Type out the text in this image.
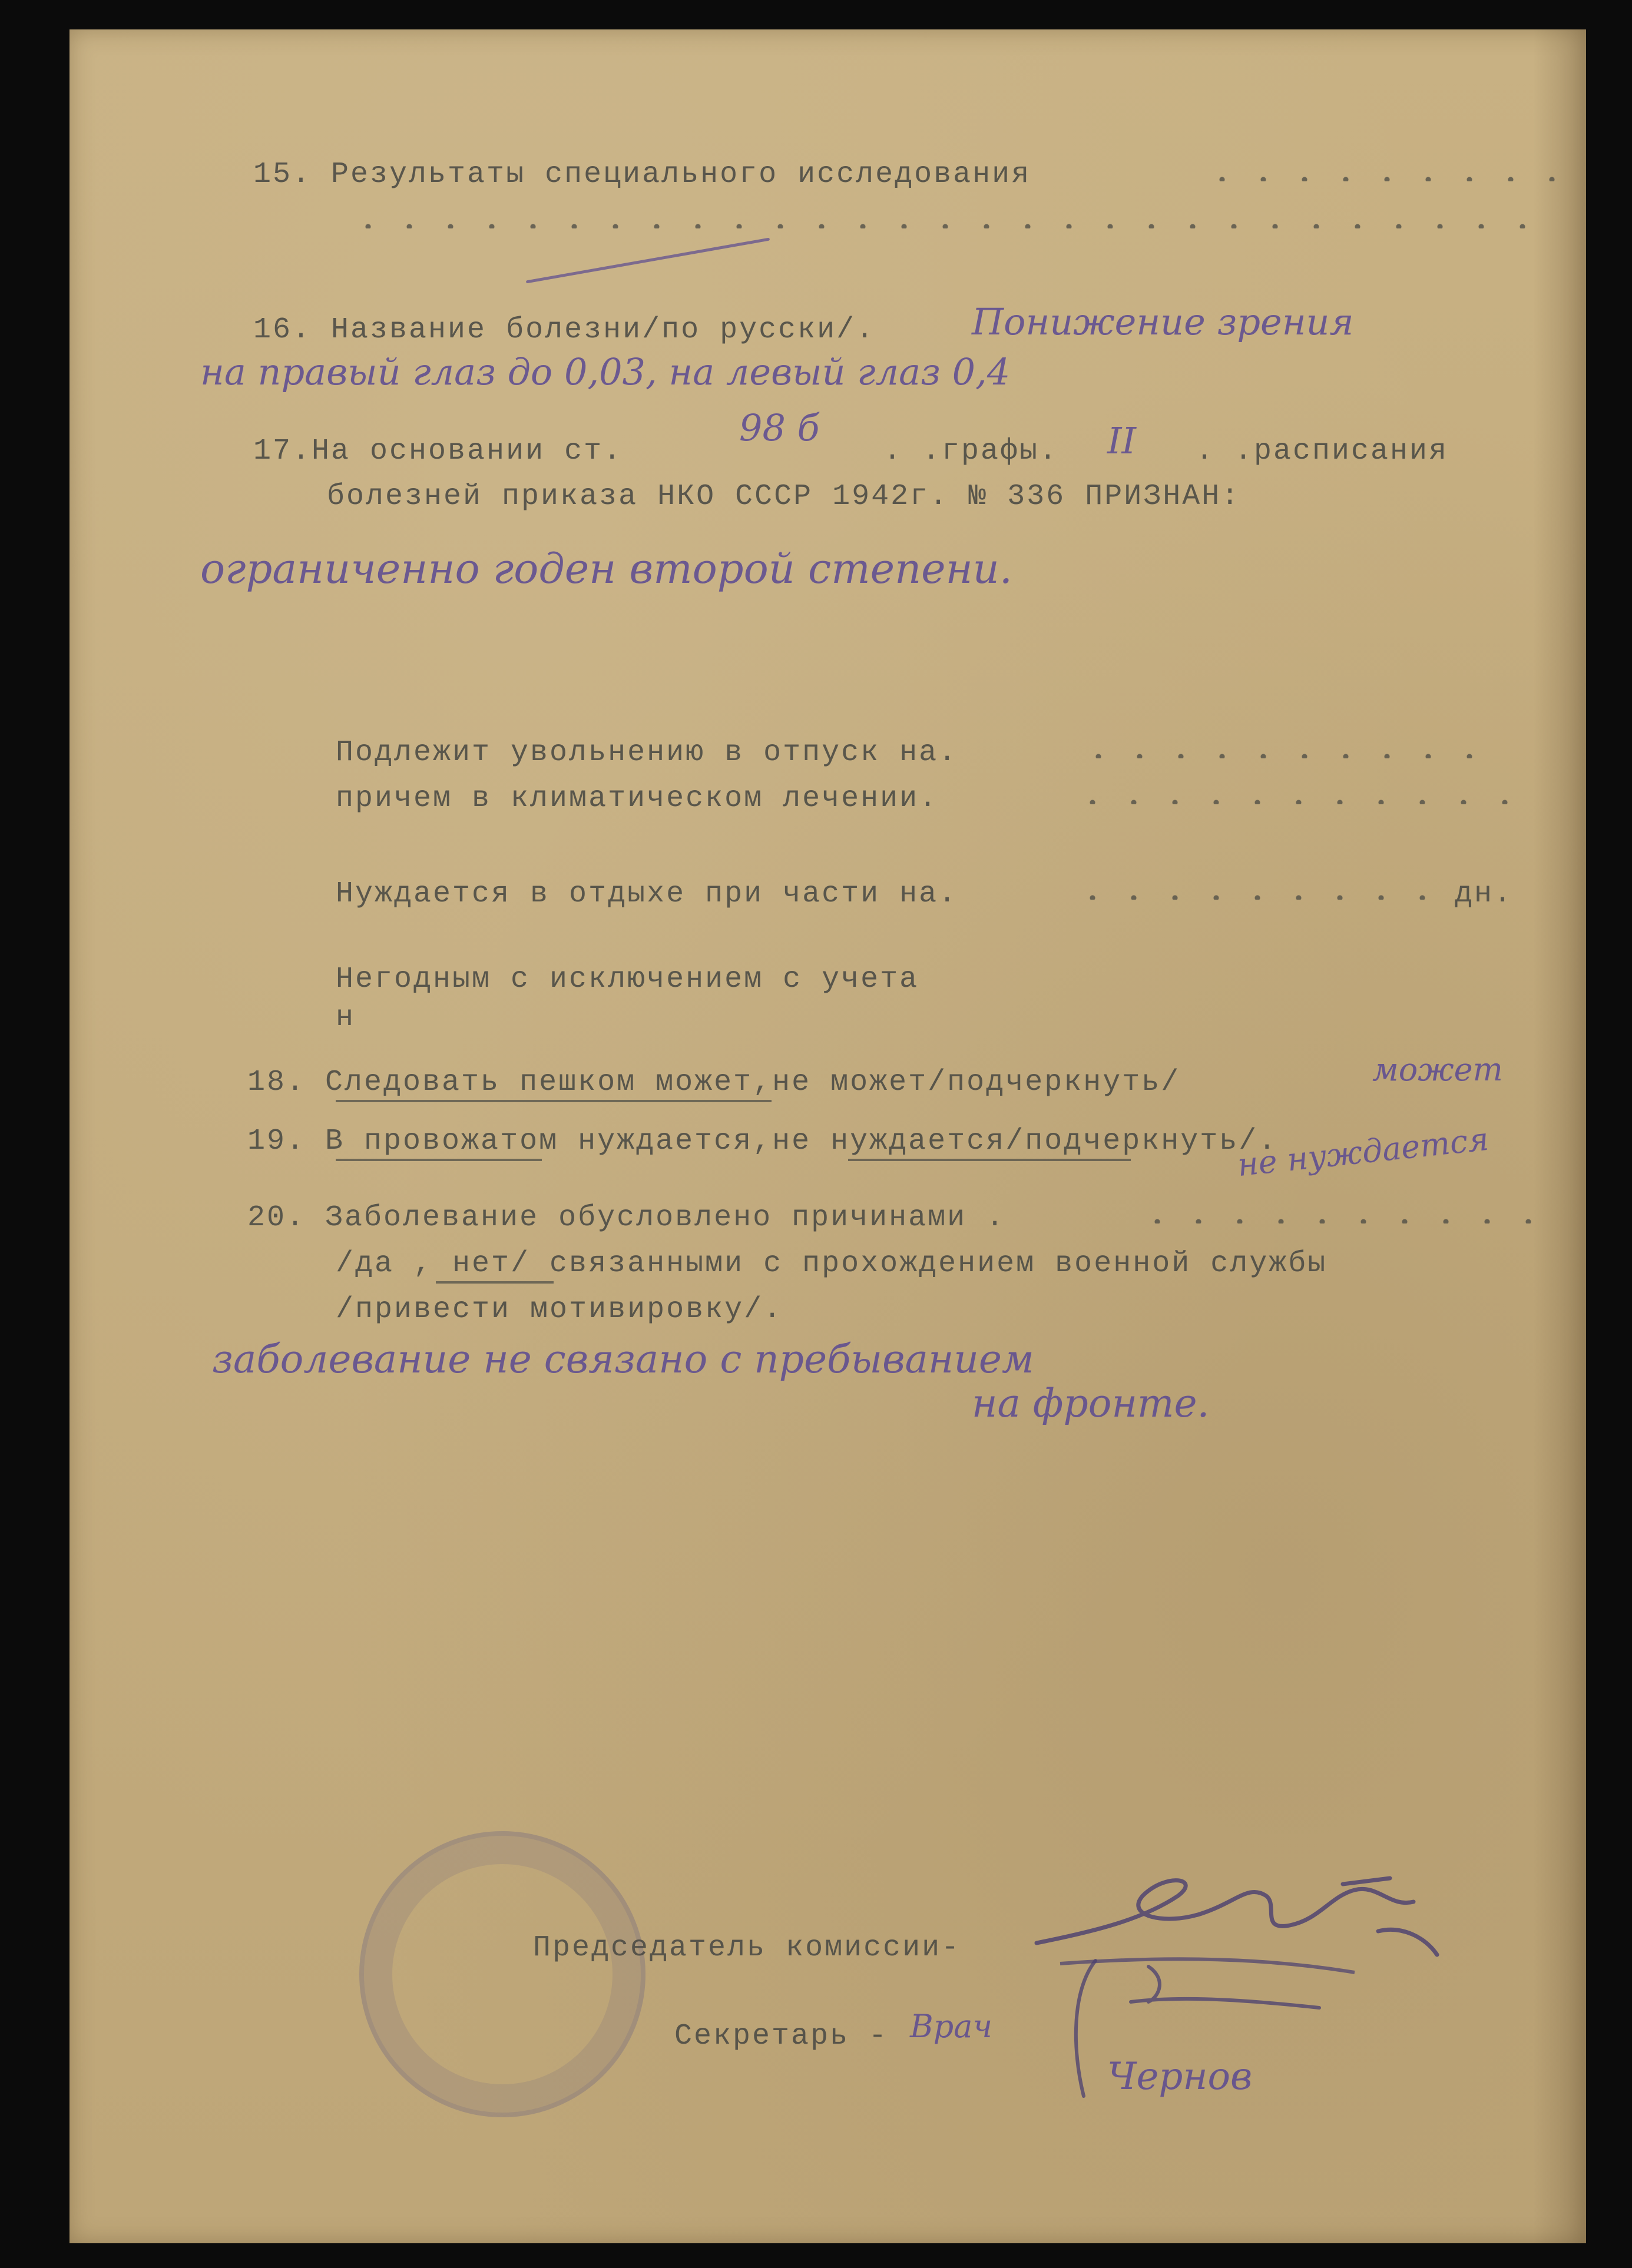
15. Результаты специального исследования
16. Название болезни/по русски/.	Понижение зрения
на правый глаз до 0,03, на левый глаз 0,4
17.На основании ст.
98 б
. .графы. II . .расписания
болезней приказа НКО СССР 1942г. № 336 ПРИЗНАН:
ограниченно годен второй степени.
Подлежит увольнению в отпуск на.
причем в климатическом лечении.
Нуждается в отдыхе при части на.	дн.
Негодным с исключением с учета
н
18. Следовать пешком может,не может/подчеркнуть/	может
19. В провожатом нуждается,не нуждается/подчеркнуть/.
не нуждается
20. Заболевание обусловлено причинами .
/да , нет/ связанными с прохождением военной службы
/привести мотивировку/.
заболевание не связано с пребыванием
на фронте.
Председатель комиссии-
Секретарь - Врач
Чернов
